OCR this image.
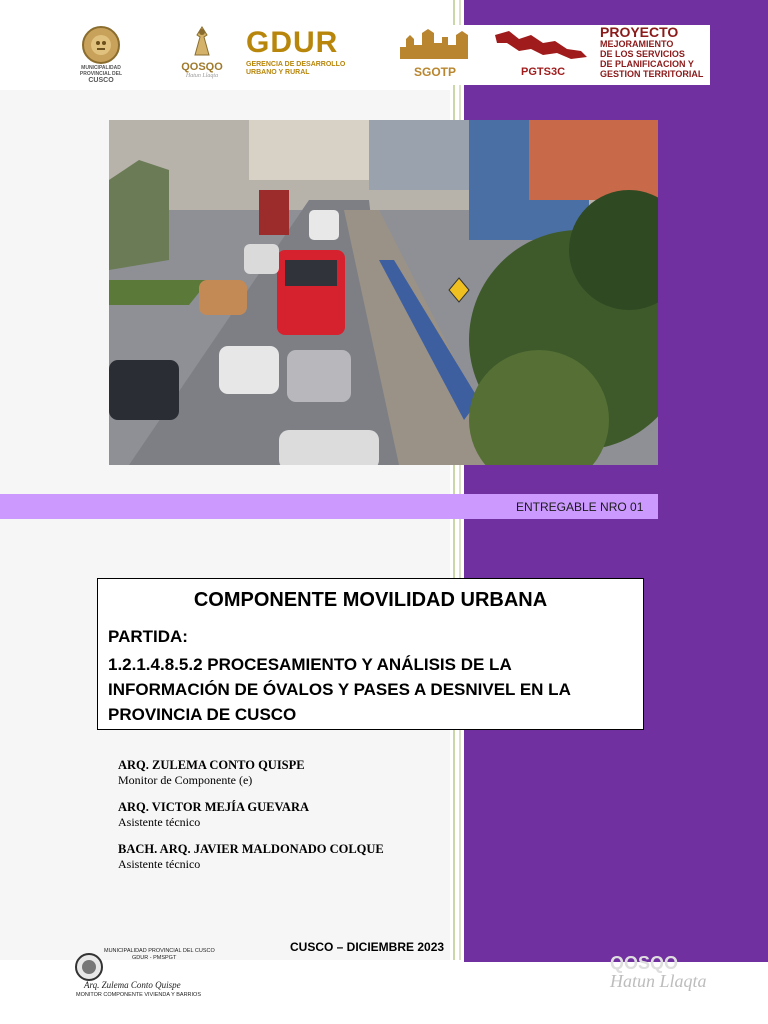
MUNICIPALIDAD PROVINCIAL DEL
CUSCO
QOSQO
Hatun Llaqta
GDUR
GERENCIA DE DESARROLLO
URBANO Y RURAL	SGOTP	PGTS3C
PROYECTO
MEJORAMIENTO
DE LOS SERVICIOS
DE PLANIFICACION Y
GESTION TERRITORIAL
ENTREGABLE NRO 01
COMPONENTE MOVILIDAD URBANA
PARTIDA:
1.2.1.4.8.5.2 PROCESAMIENTO Y ANÁLISIS DE LA INFORMACIÓN DE ÓVALOS Y PASES A DESNIVEL EN LA PROVINCIA DE CUSCO
ARQ. ZULEMA CONTO QUISPE
Monitor de Componente (e)
ARQ. VICTOR MEJÍA GUEVARA
Asistente técnico
BACH. ARQ. JAVIER MALDONADO COLQUE
Asistente técnico
CUSCO – DICIEMBRE 2023
MUNICIPALIDAD PROVINCIAL DEL CUSCO
GDUR - PMSPGT
Arq. Zulema Conto Quispe
MONITOR COMPONENTE VIVIENDA Y BARRIOS
QOSQO
Hatun Llaqta
